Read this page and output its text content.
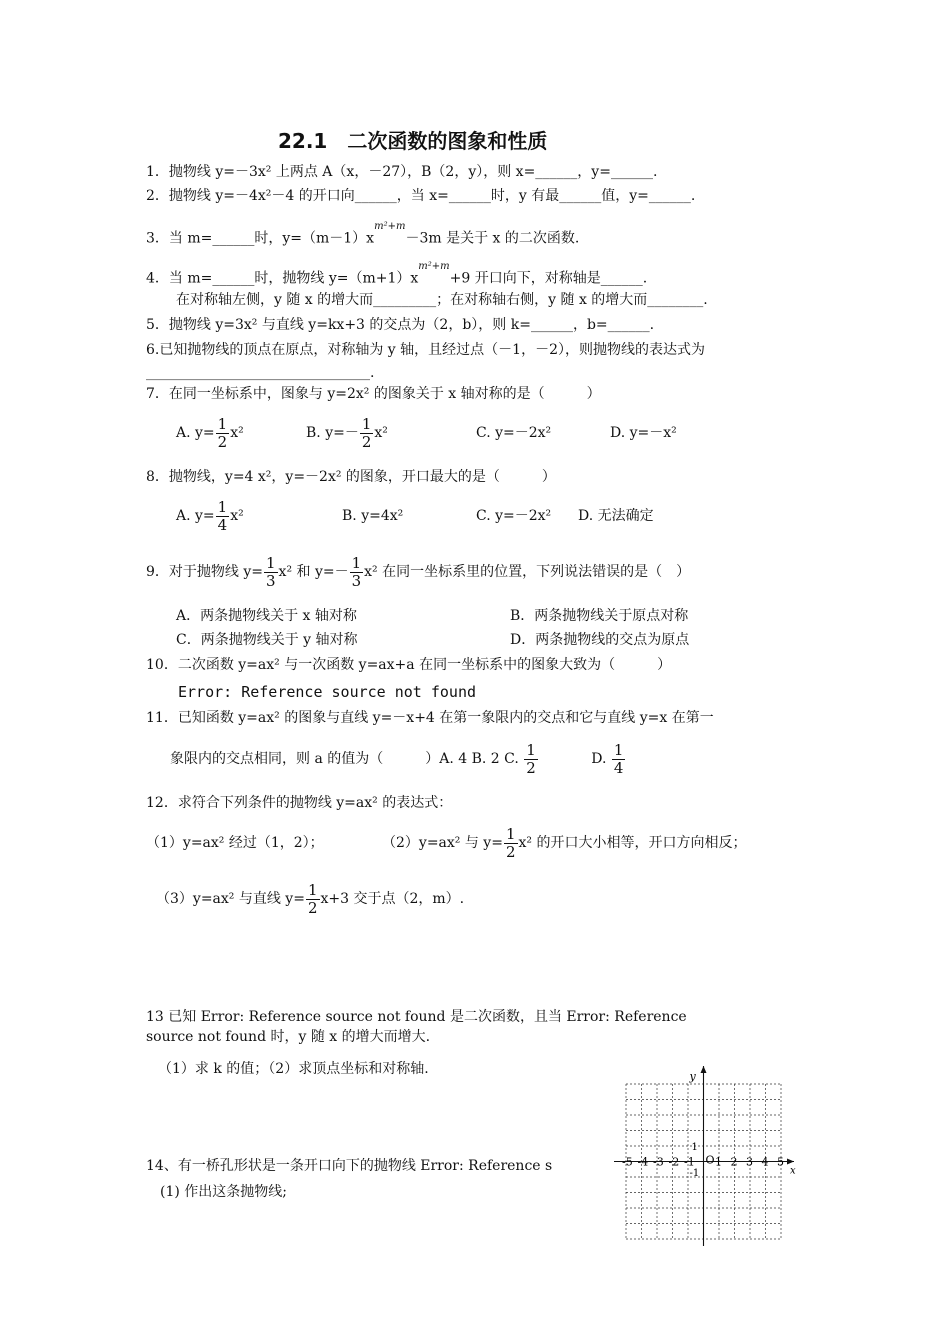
22.1　二次函数的图象和性质
1．抛物线 y=－3x² 上两点 A（x，－27），B（2，y），则 x=______，y=______.
2．抛物线 y=－4x²－4 的开口向______，当 x=______时，y 有最______值，y=______.
3．当 m=______时，$y=(m-1)x^{m^2+m}-3m$ 是关于 x 的二次函数.
4．当 m=______时，抛物线 $y=(m+1)x^{m^2+m}+9$ 开口向下，对称轴是______.
在对称轴左侧，y 随 x 的增大而_________；在对称轴右侧，y 随 x 的增大而________.
5．抛物线 y=3x² 与直线 y=kx+3 的交点为（2，b），则 k=______，b=______.
6.已知抛物线的顶点在原点，对称轴为 y 轴，且经过点（－1，－2），则抛物线的表达式为
________________________________.
7．在同一坐标系中，图象与 y=2x² 的图象关于 x 轴对称的是（　　　）
A. $y= \frac{1}{2} x^2$	B. $y=- \frac{1}{2} x^2$	C. y=－2x²	D. y=－x²
8．抛物线，y=4 x²，y=－2x² 的图象，开口最大的是（　　　）
A. $y= \frac{1}{4} x^2$	B. y=4x²	C. y=－2x² D. 无法确定
9．对于抛物线 $y= \frac{1}{3} x^2$ 和 $y=- \frac{1}{3} x^2$ 在同一坐标系里的位置，下列说法错误的是（　）
A．两条抛物线关于 x 轴对称	B．两条抛物线关于原点对称
C．两条抛物线关于 y 轴对称	D．两条抛物线的交点为原点
10．二次函数 y=ax² 与一次函数 y=ax+a 在同一坐标系中的图象大致为（　　　）
Error: Reference source not found
11．已知函数 y=ax² 的图象与直线 y=－x+4 在第一象限内的交点和它与直线 y=x 在第一
象限内的交点相同，则 a 的值为（　　　）A. 4 B. 2 C. $\frac{1}{2}$	D. $\frac{1}{4}$
12．求符合下列条件的抛物线 y=ax² 的表达式：
（1）y=ax² 经过（1，2）；	（2）y=ax² 与 $y= \frac{1}{2} x^2$ 的开口大小相等，开口方向相反；
（3）y=ax² 与直线 $y= \frac{1}{2} x+3$ 交于点（2，m）.
13 已知 Error: Reference source not found 是二次函数，且当 Error: Reference
source not found 时，y 随 x 的增大而增大.
（1）求 k 的值；（2）求顶点坐标和对称轴.
14、有一桥孔形状是一条开口向下的抛物线 Error: Reference s
(1) 作出这条抛物线;
x
y
O
-5 -4 -3 -2 -1 1 2 3 4 5
1
-1
